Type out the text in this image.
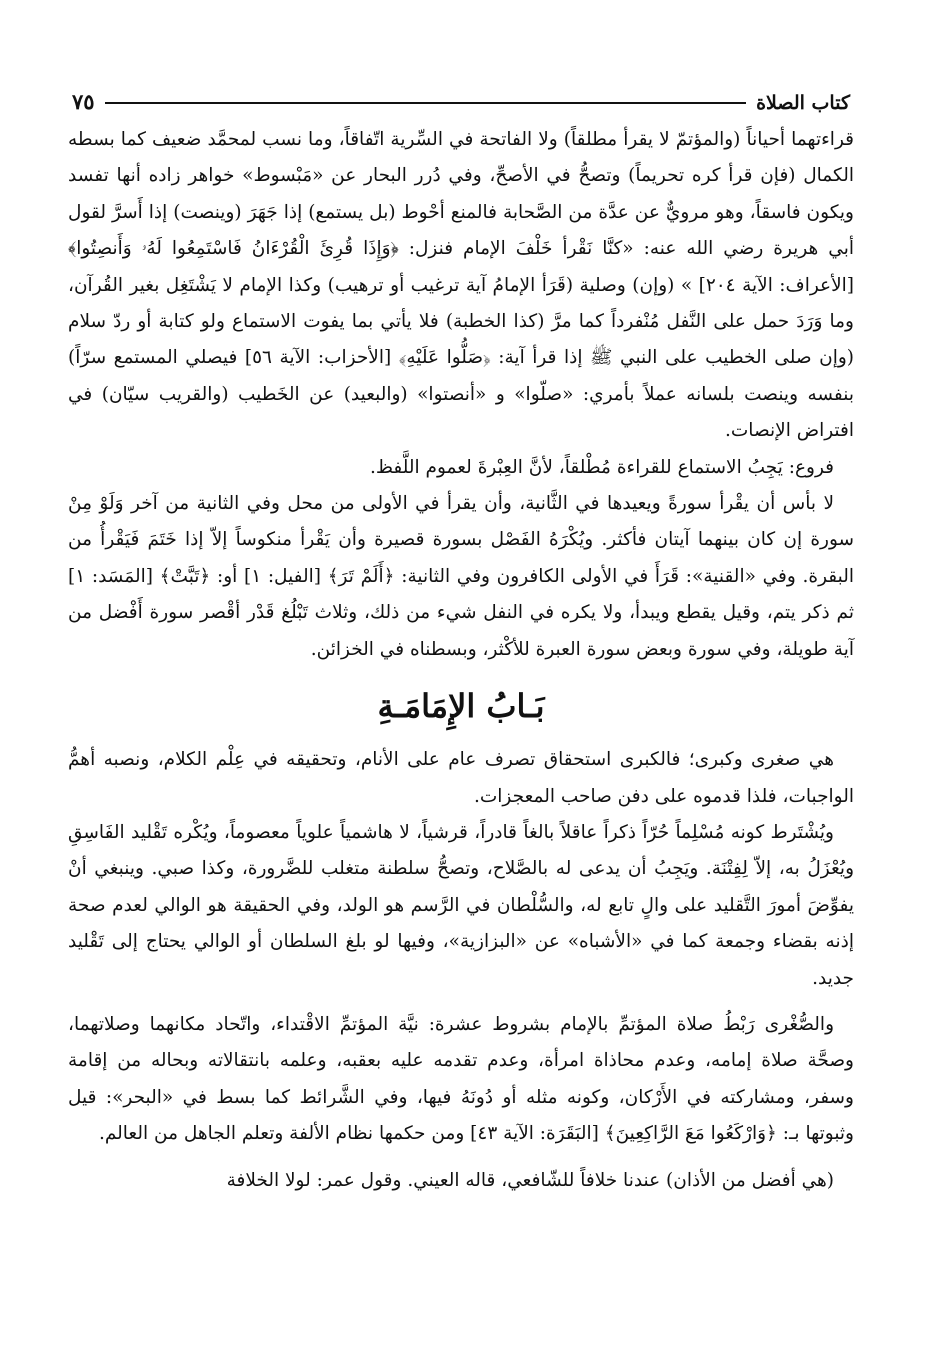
كتاب الصلاة
٧٥

قراءتهما أحياناً (والمؤتمّ لا يقرأ مطلقاً) ولا الفاتحة في السِّرية اتّفاقاً، وما نسب لمحمَّد ضعيف كما بسطه الكمال (فإن قرأ كره تحريماً) وتصحُّ في الأصحِّ، وفي دُرر البحار عن «مَبْسوط» خواهر زاده أنها تفسد ويكون فاسقاً، وهو مرويٌّ عن عدَّة من الصَّحابة فالمنع أحْوط (بل يستمع) إذا جَهَرَ (وينصت) إذا أَسرَّ لقول أبي هريرة رضي الله عنه: «كنَّا نَقْرأ خَلْفَ الإمام فنزل: ﴿وَإِذَا قُرِئَ الْقُرْءَانُ فَاسْتَمِعُوا لَهُۥ وَأَنصِتُوا﴾ [الأعراف: الآية ٢٠٤] » (وإن) وصلية (قَرَأ الإمامُ آية ترغيب أو ترهيب) وكذا الإمام لا يَشْتَغِل بغير القُرآن، وما وَرَدَ حمل على النَّفل مُنْفرداً كما مرَّ (كذا الخطبة) فلا يأتي بما يفوت الاستماع ولو كتابة أو ردّ سلام (وإن صلى الخطيب على النبي ﷺ إذا قرأ آية: ﴿صَلُّوا عَلَيْهِ﴾ [الأحزاب: الآية ٥٦] فيصلي المستمع سرّاً) بنفسه وينصت بلسانه عملاً بأمري: «صلّوا» و «أنصتوا» (والبعيد) عن الخَطيب (والقريب سيّان) في افتراض الإنصات.

فروع: يَجِبُ الاستماع للقراءة مُطْلقاً، لأنَّ العِبْرةَ لعموم اللَّفظ.

لا بأس أن يقْرأ سورةً ويعيدها في الثَّانية، وأن يقرأ في الأولى من محل وفي الثانية من آخر وَلَوْ مِنْ سورة إن كان بينهما آيتان فأكثر. ويُكْرَهُ الفَصْل بسورة قصيرة وأن يَقْرأ منكوساً إلاّ إذا خَتَمَ فَيَقْرأُ من البقرة. وفي «القنية»: قَرَأَ في الأولى الكافرون وفي الثانية: ﴿أَلَمْ تَرَ﴾ [الفيل: ١] أو: ﴿تَبَّتْ﴾ [المَسَد: ١] ثم ذكر يتم، وقيل يقطع ويبدأ، ولا يكره في النفل شيء من ذلك، وثلاث تَبْلُغ قَدْر أقْصر سورة أَفْضل من آية طويلة، وفي سورة وبعض سورة العبرة للأكْثر، وبسطناه في الخزائن.

بَـابُ الإِمَامَـةِ

هي صغرى وكبرى؛ فالكبرى استحقاق تصرف عام على الأنام، وتحقيقه في عِلْم الكلام، ونصبه أهمُّ الواجبات، فلذا قدموه على دفن صاحب المعجزات.

ويُشْتَرط كونه مُسْلِماً حُرّاً ذكراً عاقلاً بالغاً قادراً، قرشياً، لا هاشمياً علوياً معصوماً، ويُكْره تَقْليد الفَاسِقِ ويُعْزَلُ به، إلاّ لِفِتْنَة. ويَجِبُ أن يدعى له بالصَّلاح، وتصحُّ سلطنة متغلب للضَّرورة، وكذا صبي. وينبغي أنْ يفوِّضَ أمورَ التَّقليد على والٍ تابع له، والسُّلْطان في الرَّسم هو الولد، وفي الحقيقة هو الوالي لعدم صحة إذنه بقضاء وجمعة كما في «الأشباه» عن «البزازية»، وفيها لو بلغ السلطان أو الوالي يحتاج إلى تَقْليد جديد.

والصُّغْرى رَبْطُ صلاة المؤتمِّ بالإمام بشروط عشرة: نيَّة المؤتمِّ الاقْتداء، واتّحاد مكانهما وصلاتهما، وصحَّة صلاة إمامه، وعدم محاذاة امرأة، وعدم تقدمه عليه بعقبه، وعلمه بانتقالاته وبحاله من إقامة وسفر، ومشاركته في الأَرْكان، وكونه مثله أو دُونَهُ فيها، وفي الشَّرائط كما بسط في «البحر»: قيل وثبوتها بـ: ﴿وَارْكَعُوا مَعَ الرَّاكِعِينَ﴾ [البَقَرَة: الآية ٤٣] ومن حكمها نظام الألفة وتعلم الجاهل من العالم.

(هي أفضل من الأذان) عندنا خلافاً للشّافعي، قاله العيني. وقول عمر: لولا الخلافة
